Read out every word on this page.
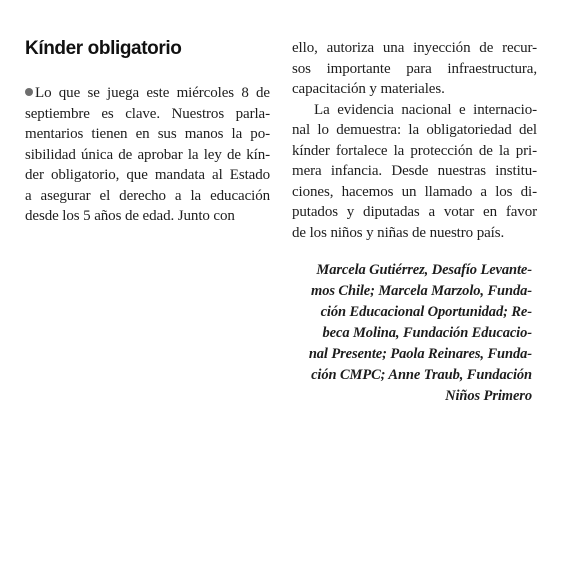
Kínder obligatorio
Lo que se juega este miércoles 8 de
septiembre es clave. Nuestros parla-
mentarios tienen en sus manos la po-
sibilidad única de aprobar la ley de kín-
der obligatorio, que mandata al Estado
a asegurar el derecho a la educación
desde los 5 años de edad. Junto con
ello, autoriza una inyección de recur-
sos importante para infraestructura,
capacitación y materiales.
La evidencia nacional e internacio-
nal lo demuestra: la obligatoriedad del
kínder fortalece la protección de la pri-
mera infancia. Desde nuestras institu-
ciones, hacemos un llamado a los di-
putados y diputadas a votar en favor
de los niños y niñas de nuestro país.
Marcela Gutiérrez, Desafío Levante-
mos Chile; Marcela Marzolo, Funda-
ción Educacional Oportunidad; Re-
beca Molina, Fundación Educacio-
nal Presente; Paola Reinares, Funda-
ción CMPC; Anne Traub, Fundación
Niños Primero
